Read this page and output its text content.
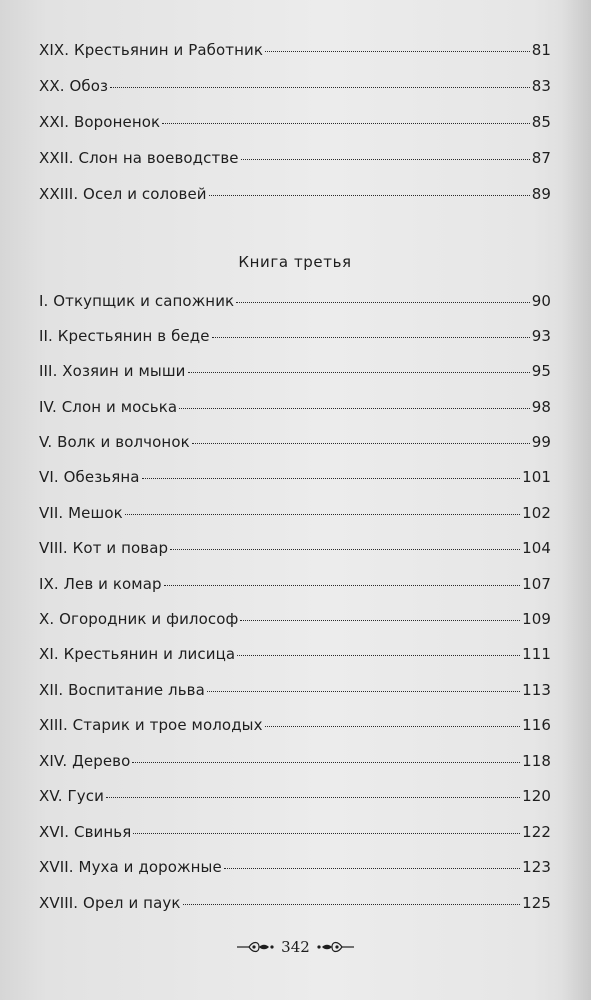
XIX. Крестьянин и Работник	81
XX. Обоз	83
XXI. Вороненок	85
XXII. Слон на воеводстве	87
XXIII. Осел и соловей	89
Книга третья
I. Откупщик и сапожник	90
II. Крестьянин в беде	93
III. Хозяин и мыши	95
IV. Слон и моська	98
V. Волк и волчонок	99
VI. Обезьяна	101
VII. Мешок	102
VIII. Кот и повар	104
IX. Лев и комар	107
X. Огородник и философ	109
XI. Крестьянин и лисица	111
XII. Воспитание льва	113
XIII. Старик и трое молодых	116
XIV. Дерево	118
XV. Гуси	120
XVI. Свинья	122
XVII. Муха и дорожные	123
XVIII. Орел и паук	125
342
